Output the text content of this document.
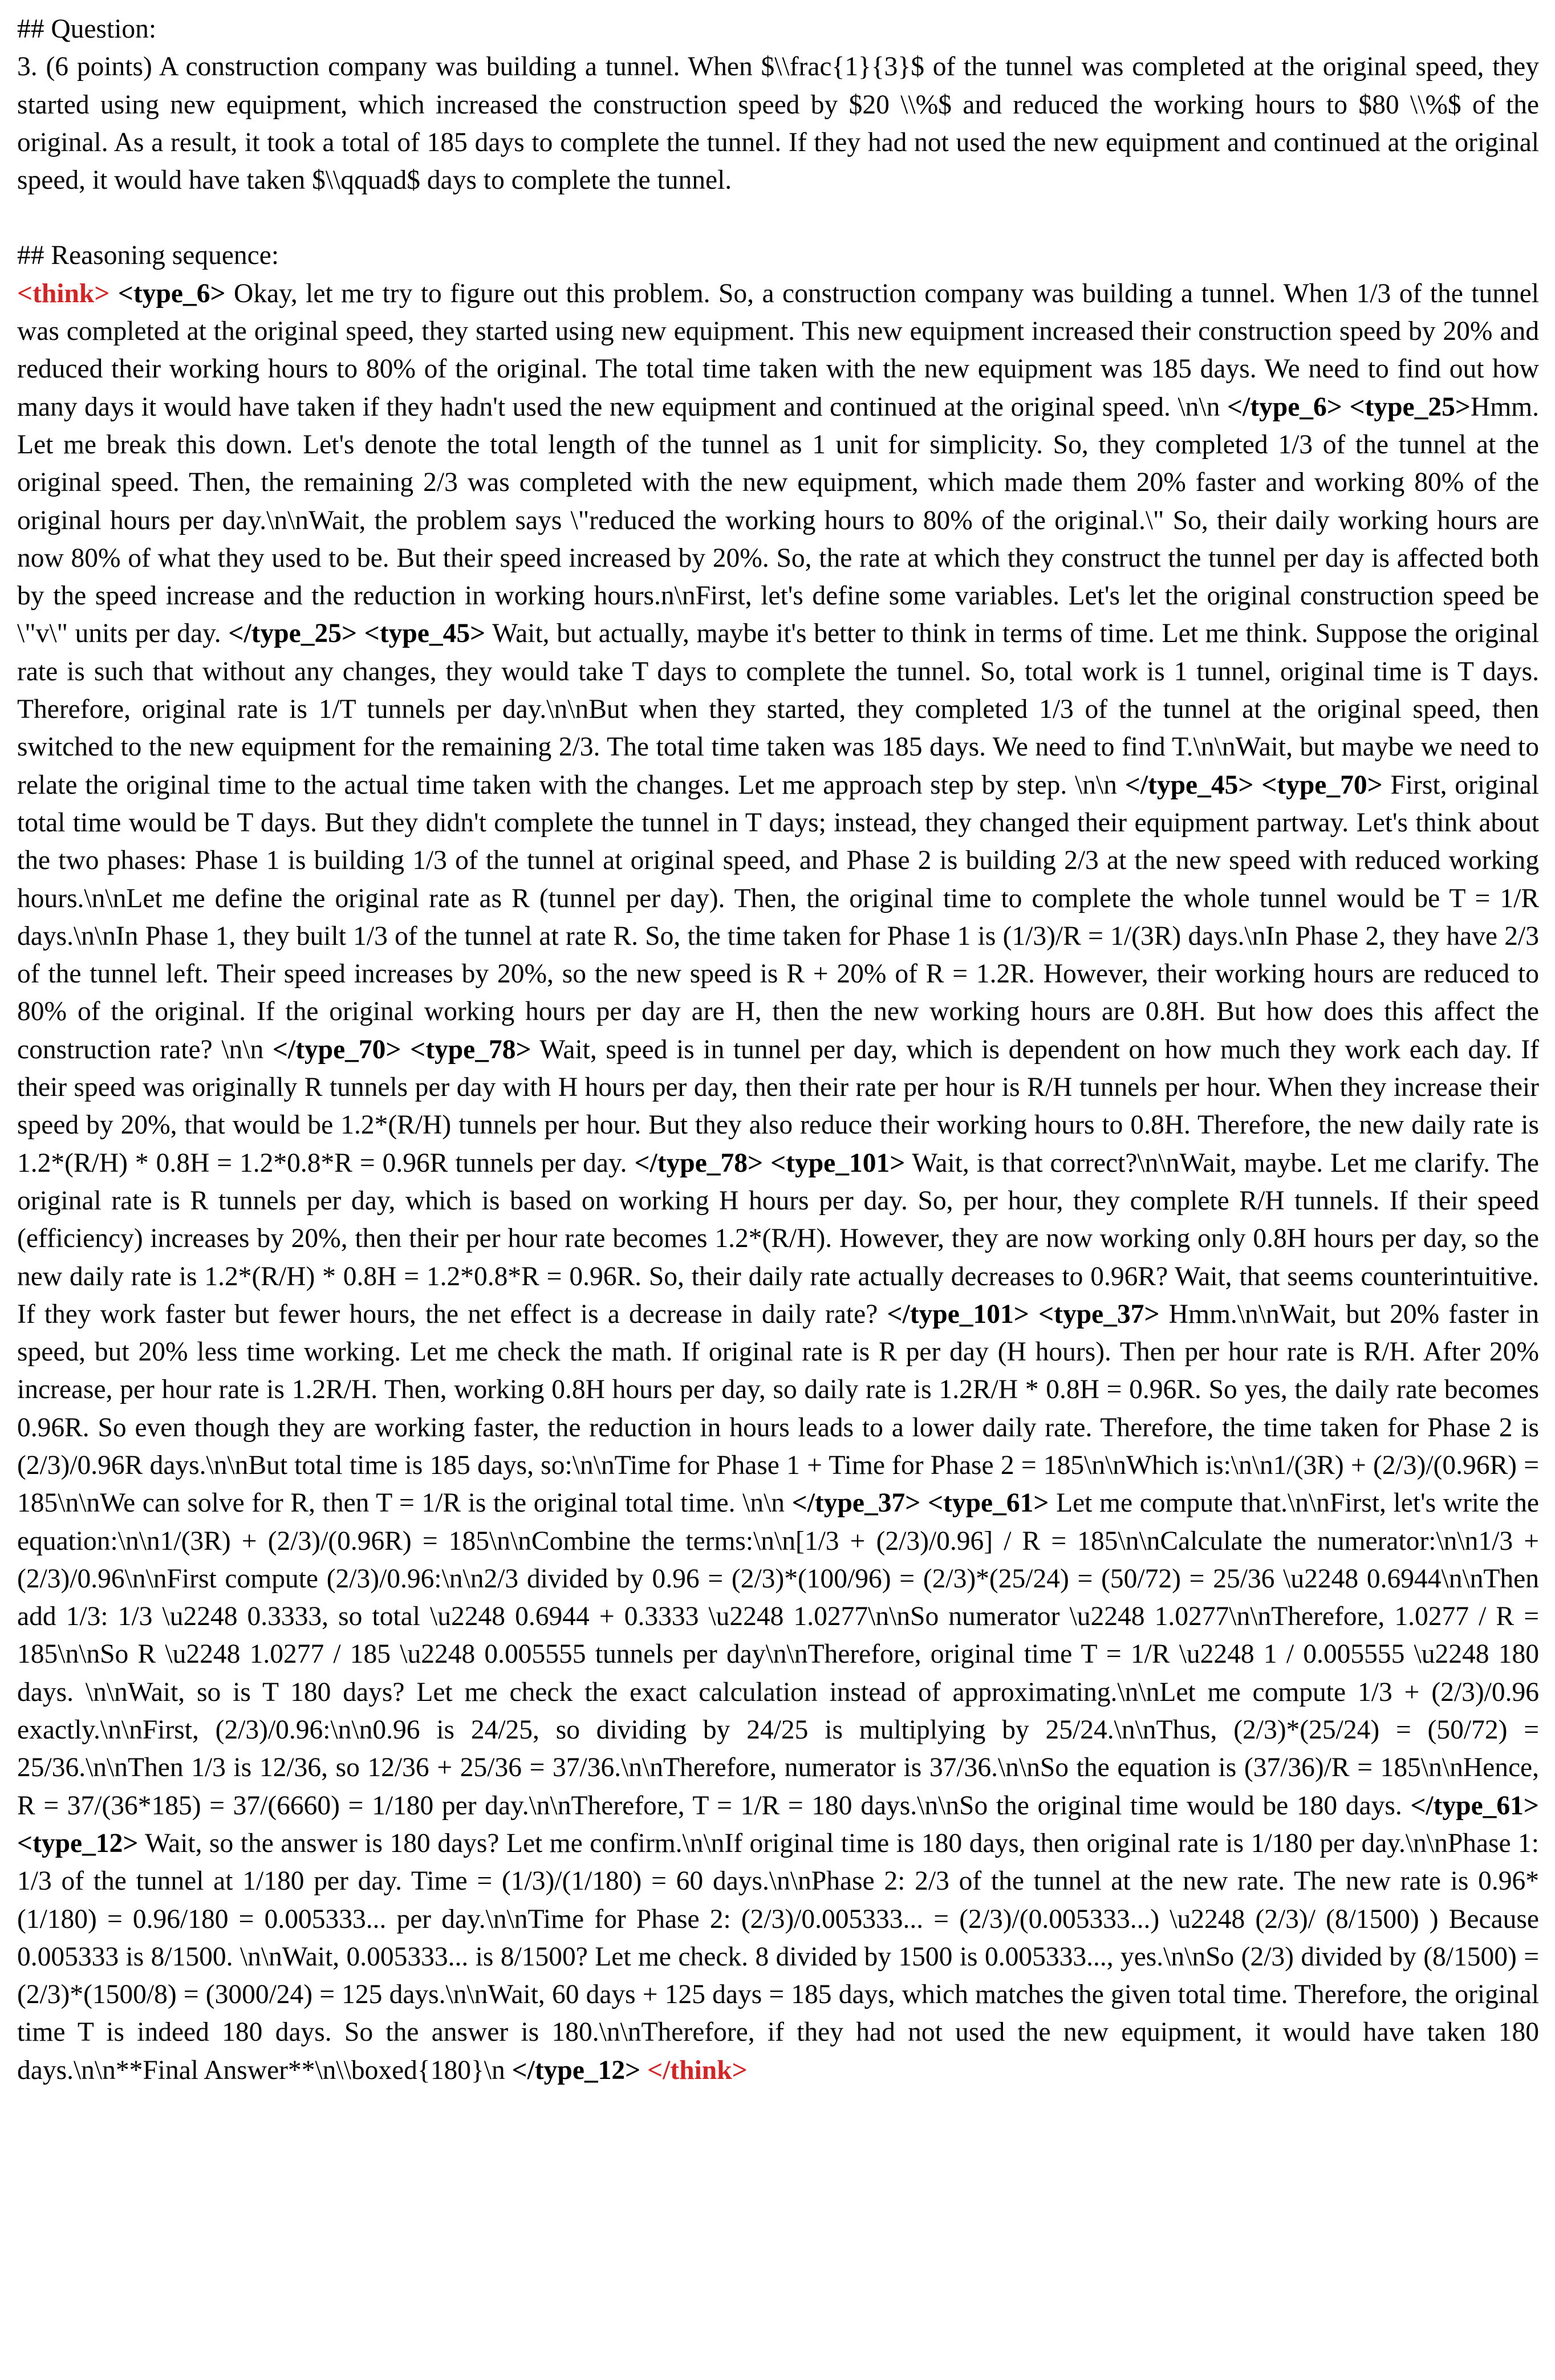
## Question:

3. (6 points) A construction company was building a tunnel. When $\\frac{1}{3}$ of the tunnel was completed at the original speed, they started using new equipment, which increased the construction speed by $20 \\%$ and reduced the working hours to $80 \\%$ of the original. As a result, it took a total of 185 days to complete the tunnel. If they had not used the new equipment and continued at the original speed, it would have taken $\\qquad$ days to complete the tunnel.

## Reasoning sequence:

<think> <type_6> Okay, let me try to figure out this problem. So, a construction company was building a tunnel. When 1/3 of the tunnel was completed at the original speed, they started using new equipment. This new equipment increased their construction speed by 20% and reduced their working hours to 80% of the original. The total time taken with the new equipment was 185 days. We need to find out how many days it would have taken if they hadn't used the new equipment and continued at the original speed. \n\n </type_6> <type_25>Hmm. Let me break this down. Let's denote the total length of the tunnel as 1 unit for simplicity. So, they completed 1/3 of the tunnel at the original speed. Then, the remaining 2/3 was completed with the new equipment, which made them 20% faster and working 80% of the original hours per day.\n\nWait, the problem says \"reduced the working hours to 80% of the original.\" So, their daily working hours are now 80% of what they used to be. But their speed increased by 20%. So, the rate at which they construct the tunnel per day is affected both by the speed increase and the reduction in working hours.n\nFirst, let's define some variables. Let's let the original construction speed be \"v\" units per day. </type_25> <type_45> Wait, but actually, maybe it's better to think in terms of time. Let me think. Suppose the original rate is such that without any changes, they would take T days to complete the tunnel. So, total work is 1 tunnel, original time is T days. Therefore, original rate is 1/T tunnels per day.\n\nBut when they started, they completed 1/3 of the tunnel at the original speed, then switched to the new equipment for the remaining 2/3. The total time taken was 185 days. We need to find T.\n\nWait, but maybe we need to relate the original time to the actual time taken with the changes. Let me approach step by step. \n\n </type_45> <type_70> First, original total time would be T days. But they didn't complete the tunnel in T days; instead, they changed their equipment partway. Let's think about the two phases: Phase 1 is building 1/3 of the tunnel at original speed, and Phase 2 is building 2/3 at the new speed with reduced working hours.\n\nLet me define the original rate as R (tunnel per day). Then, the original time to complete the whole tunnel would be T = 1/R days.\n\nIn Phase 1, they built 1/3 of the tunnel at rate R. So, the time taken for Phase 1 is (1/3)/R = 1/(3R) days.\nIn Phase 2, they have 2/3 of the tunnel left. Their speed increases by 20%, so the new speed is R + 20% of R = 1.2R. However, their working hours are reduced to 80% of the original. If the original working hours per day are H, then the new working hours are 0.8H. But how does this affect the construction rate? \n\n </type_70> <type_78> Wait, speed is in tunnel per day, which is dependent on how much they work each day. If their speed was originally R tunnels per day with H hours per day, then their rate per hour is R/H tunnels per hour. When they increase their speed by 20%, that would be 1.2*(R/H) tunnels per hour. But they also reduce their working hours to 0.8H. Therefore, the new daily rate is 1.2*(R/H) * 0.8H = 1.2*0.8*R = 0.96R tunnels per day. </type_78> <type_101> Wait, is that correct?\n\nWait, maybe. Let me clarify. The original rate is R tunnels per day, which is based on working H hours per day. So, per hour, they complete R/H tunnels. If their speed (efficiency) increases by 20%, then their per hour rate becomes 1.2*(R/H). However, they are now working only 0.8H hours per day, so the new daily rate is 1.2*(R/H) * 0.8H = 1.2*0.8*R = 0.96R. So, their daily rate actually decreases to 0.96R? Wait, that seems counterintuitive. If they work faster but fewer hours, the net effect is a decrease in daily rate? </type_101> <type_37> Hmm.\n\nWait, but 20% faster in speed, but 20% less time working. Let me check the math. If original rate is R per day (H hours). Then per hour rate is R/H. After 20% increase, per hour rate is 1.2R/H. Then, working 0.8H hours per day, so daily rate is 1.2R/H * 0.8H = 0.96R. So yes, the daily rate becomes 0.96R. So even though they are working faster, the reduction in hours leads to a lower daily rate. Therefore, the time taken for Phase 2 is (2/3)/0.96R days.\n\nBut total time is 185 days, so:\n\nTime for Phase 1 + Time for Phase 2 = 185\n\nWhich is:\n\n1/(3R) + (2/3)/(0.96R) = 185\n\nWe can solve for R, then T = 1/R is the original total time. \n\n </type_37> <type_61> Let me compute that.\n\nFirst, let's write the equation:\n\n1/(3R) + (2/3)/(0.96R) = 185\n\nCombine the terms:\n\n[1/3 + (2/3)/0.96] / R = 185\n\nCalculate the numerator:\n\n1/3 + (2/3)/0.96\n\nFirst compute (2/3)/0.96:\n\n2/3 divided by 0.96 = (2/3)*(100/96) = (2/3)*(25/24) = (50/72) = 25/36 \u2248 0.6944\n\nThen add 1/3: 1/3 \u2248 0.3333, so total \u2248 0.6944 + 0.3333 \u2248 1.0277\n\nSo numerator \u2248 1.0277\n\nTherefore, 1.0277 / R = 185\n\nSo R \u2248 1.0277 / 185 \u2248 0.005555 tunnels per day\n\nTherefore, original time T = 1/R \u2248 1 / 0.005555 \u2248 180 days. \n\nWait, so is T 180 days? Let me check the exact calculation instead of approximating.\n\nLet me compute 1/3 + (2/3)/0.96 exactly.\n\nFirst, (2/3)/0.96:\n\n0.96 is 24/25, so dividing by 24/25 is multiplying by 25/24.\n\nThus, (2/3)*(25/24) = (50/72) = 25/36.\n\nThen 1/3 is 12/36, so 12/36 + 25/36 = 37/36.\n\nTherefore, numerator is 37/36.\n\nSo the equation is (37/36)/R = 185\n\nHence, R = 37/(36*185) = 37/(6660) = 1/180 per day.\n\nTherefore, T = 1/R = 180 days.\n\nSo the original time would be 180 days. </type_61> <type_12> Wait, so the answer is 180 days? Let me confirm.\n\nIf original time is 180 days, then original rate is 1/180 per day.\n\nPhase 1: 1/3 of the tunnel at 1/180 per day. Time = (1/3)/(1/180) = 60 days.\n\nPhase 2: 2/3 of the tunnel at the new rate. The new rate is 0.96*(1/180) = 0.96/180 = 0.005333... per day.\n\nTime for Phase 2: (2/3)/0.005333... = (2/3)/(0.005333...) \u2248 (2/3)/ (8/1500) ) Because 0.005333 is 8/1500. \n\nWait, 0.005333... is 8/1500? Let me check. 8 divided by 1500 is 0.005333..., yes.\n\nSo (2/3) divided by (8/1500) = (2/3)*(1500/8) = (3000/24) = 125 days.\n\nWait, 60 days + 125 days = 185 days, which matches the given total time. Therefore, the original time T is indeed 180 days. So the answer is 180.\n\nTherefore, if they had not used the new equipment, it would have taken 180 days.\n\n**Final Answer**\n\\boxed{180}\n </type_12> </think>
